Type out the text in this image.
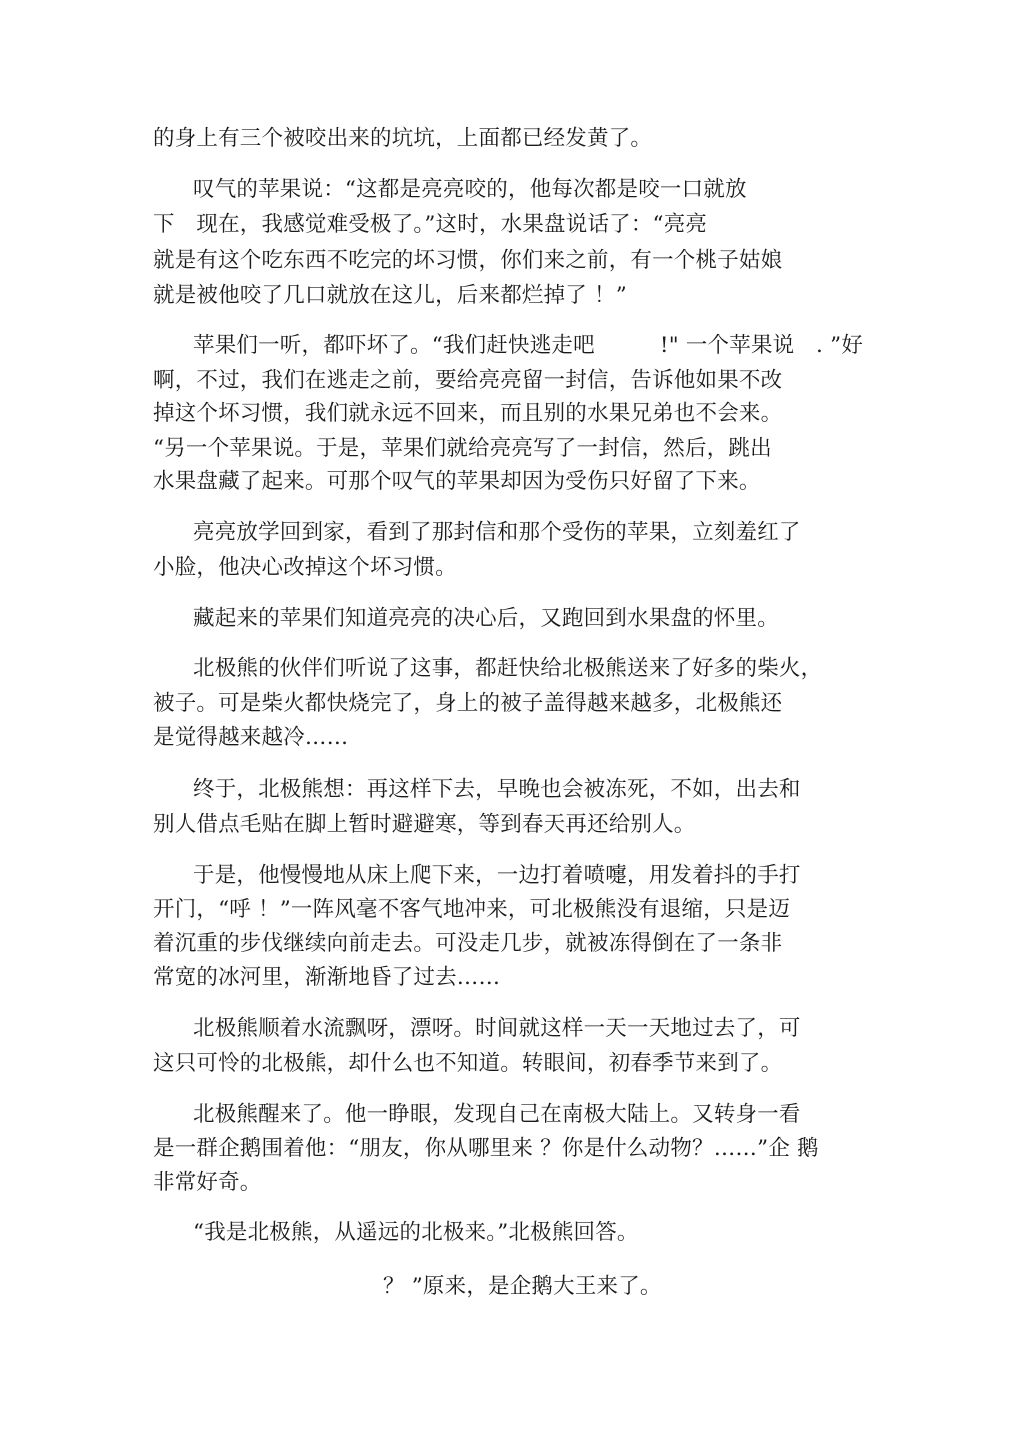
的身上有三个被咬出来的坑坑，上面都已经发黄了。
叹气的苹果说：“这都是亮亮咬的，他每次都是咬一口就放
下　现在，我感觉难受极了。”这时，水果盘说话了：“亮亮
就是有这个吃东西不吃完的坏习惯，你们来之前，有一个桃子姑娘
就是被他咬了几口就放在这儿，后来都烂掉了 ！”
苹果们一听，都吓坏了。“我们赶快逃走吧　　　!" 一个苹果说　. ”好
啊，不过，我们在逃走之前，要给亮亮留一封信，告诉他如果不改
掉这个坏习惯，我们就永远不回来，而且别的水果兄弟也不会来。
“另一个苹果说。于是，苹果们就给亮亮写了一封信，然后，跳出
水果盘藏了起来。可那个叹气的苹果却因为受伤只好留了下来。
亮亮放学回到家，看到了那封信和那个受伤的苹果，立刻羞红了
小脸，他决心改掉这个坏习惯。
藏起来的苹果们知道亮亮的决心后，又跑回到水果盘的怀里。
北极熊的伙伴们听说了这事，都赶快给北极熊送来了好多的柴火，
被子。可是柴火都快烧完了，身上的被子盖得越来越多，北极熊还
是觉得越来越冷……
终于，北极熊想：再这样下去，早晚也会被冻死，不如，出去和
别人借点毛贴在脚上暂时避避寒，等到春天再还给别人。
于是，他慢慢地从床上爬下来，一边打着喷嚏，用发着抖的手打
开门，“呼 ！”一阵风毫不客气地冲来，可北极熊没有退缩，只是迈
着沉重的步伐继续向前走去。可没走几步，就被冻得倒在了一条非
常宽的冰河里，渐渐地昏了过去……
北极熊顺着水流飘呀，漂呀。时间就这样一天一天地过去了，可
这只可怜的北极熊，却什么也不知道。转眼间，初春季节来到了。
北极熊醒来了。他一睁眼，发现自己在南极大陆上。又转身一看
是一群企鹅围着他：“朋友，你从哪里来 ？你是什么动物？……”企 鹅
非常好奇。
“我是北极熊，从遥远的北极来。”北极熊回答。
？ ”原来，是企鹅大王来了。
